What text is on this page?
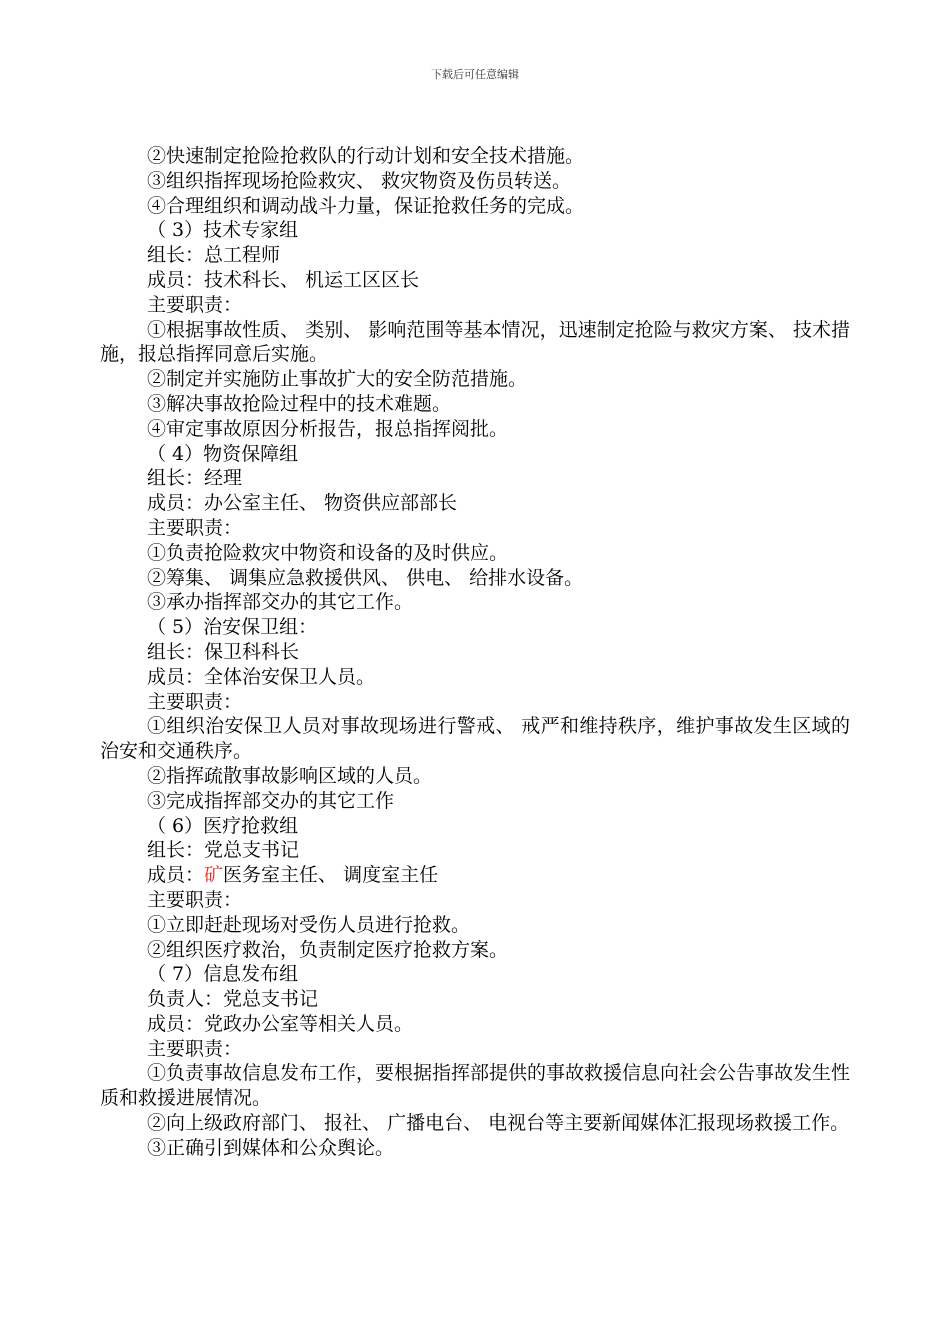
下载后可任意编辑

②快速制定抢险抢救队的行动计划和安全技术措施。

③组织指挥现场抢险救灾、 救灾物资及伤员转送。

④合理组织和调动战斗力量，保证抢救任务的完成。

（ 3）技术专家组

组长：总工程师

成员：技术科长、 机运工区区长

主要职责：

①根据事故性质、 类别、 影响范围等基本情况，迅速制定抢险与救灾方案、 技术措施，报总指挥同意后实施。

②制定并实施防止事故扩大的安全防范措施。

③解决事故抢险过程中的技术难题。

④审定事故原因分析报告，报总指挥阅批。

（ 4）物资保障组

组长：经理

成员：办公室主任、 物资供应部部长

主要职责：

①负责抢险救灾中物资和设备的及时供应。

②筹集、 调集应急救援供风、 供电、 给排水设备。

③承办指挥部交办的其它工作。

（ 5）治安保卫组：

组长：保卫科科长

成员：全体治安保卫人员。

主要职责：

①组织治安保卫人员对事故现场进行警戒、 戒严和维持秩序，维护事故发生区域的治安和交通秩序。

②指挥疏散事故影响区域的人员。

③完成指挥部交办的其它工作

（ 6）医疗抢救组

组长：党总支书记

成员：矿医务室主任、 调度室主任

主要职责：

①立即赶赴现场对受伤人员进行抢救。

②组织医疗救治，负责制定医疗抢救方案。

（ 7）信息发布组

负责人：党总支书记

成员：党政办公室等相关人员。

主要职责：

①负责事故信息发布工作，要根据指挥部提供的事故救援信息向社会公告事故发生性质和救援进展情况。

②向上级政府部门、 报社、 广播电台、 电视台等主要新闻媒体汇报现场救援工作。

③正确引到媒体和公众舆论。
